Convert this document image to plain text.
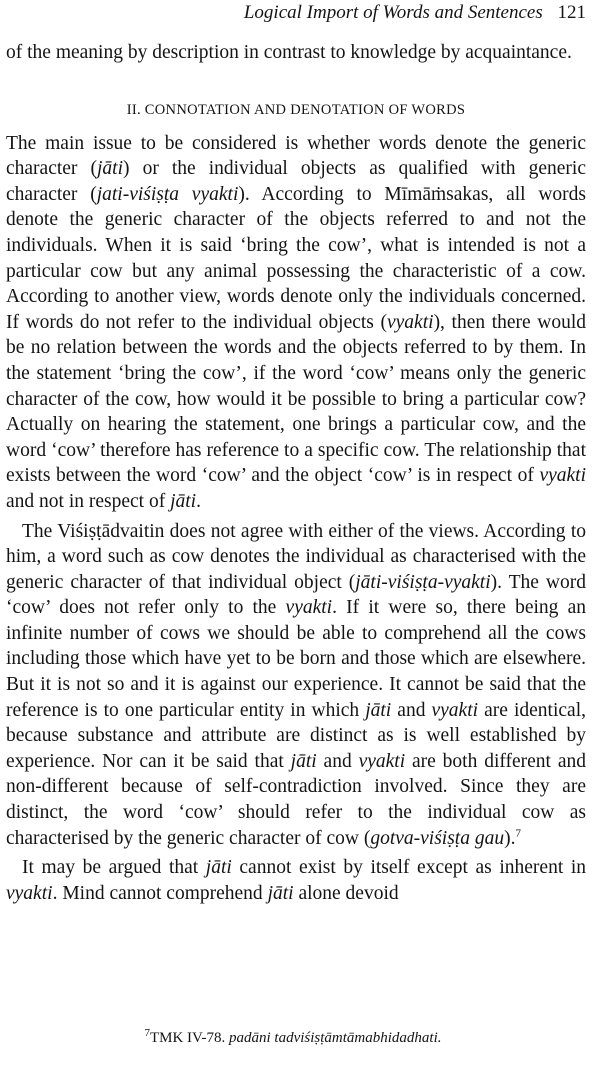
Logical Import of Words and Sentences 121

of the meaning by description in contrast to knowledge by acquaintance.

II. CONNOTATION AND DENOTATION OF WORDS

The main issue to be considered is whether words denote the generic character (jāti) or the individual objects as qualified with generic character (jati-viśiṣṭa vyakti). According to Mīmāṁsakas, all words denote the generic character of the objects referred to and not the individuals. When it is said ‘bring the cow’, what is intended is not a particular cow but any animal possessing the characteristic of a cow. According to another view, words denote only the individuals concerned. If words do not refer to the individual objects (vyakti), then there would be no relation between the words and the objects referred to by them. In the statement ‘bring the cow’, if the word ‘cow’ means only the generic character of the cow, how would it be possible to bring a particular cow? Actually on hearing the statement, one brings a particular cow, and the word ‘cow’ therefore has reference to a specific cow. The relationship that exists between the word ‘cow’ and the object ‘cow’ is in respect of vyakti and not in respect of jāti.

The Viśiṣṭādvaitin does not agree with either of the views. According to him, a word such as cow denotes the individual as characterised with the generic character of that individual object (jāti-viśiṣṭa-vyakti). The word ‘cow’ does not refer only to the vyakti. If it were so, there being an infinite number of cows we should be able to comprehend all the cows including those which have yet to be born and those which are elsewhere. But it is not so and it is against our experience. It cannot be said that the reference is to one particular entity in which jāti and vyakti are identical, because substance and attribute are distinct as is well established by experience. Nor can it be said that jāti and vyakti are both different and non-different because of self-contradiction involved. Since they are distinct, the word ‘cow’ should refer to the individual cow as characterised by the generic character of cow (gotva-viśiṣṭa gau).$^7$

It may be argued that jāti cannot exist by itself except as inherent in vyakti. Mind cannot comprehend jāti alone devoid

$^7$TMK IV-78. padāni tadviśiṣṭāmtāmabhidadhati.
